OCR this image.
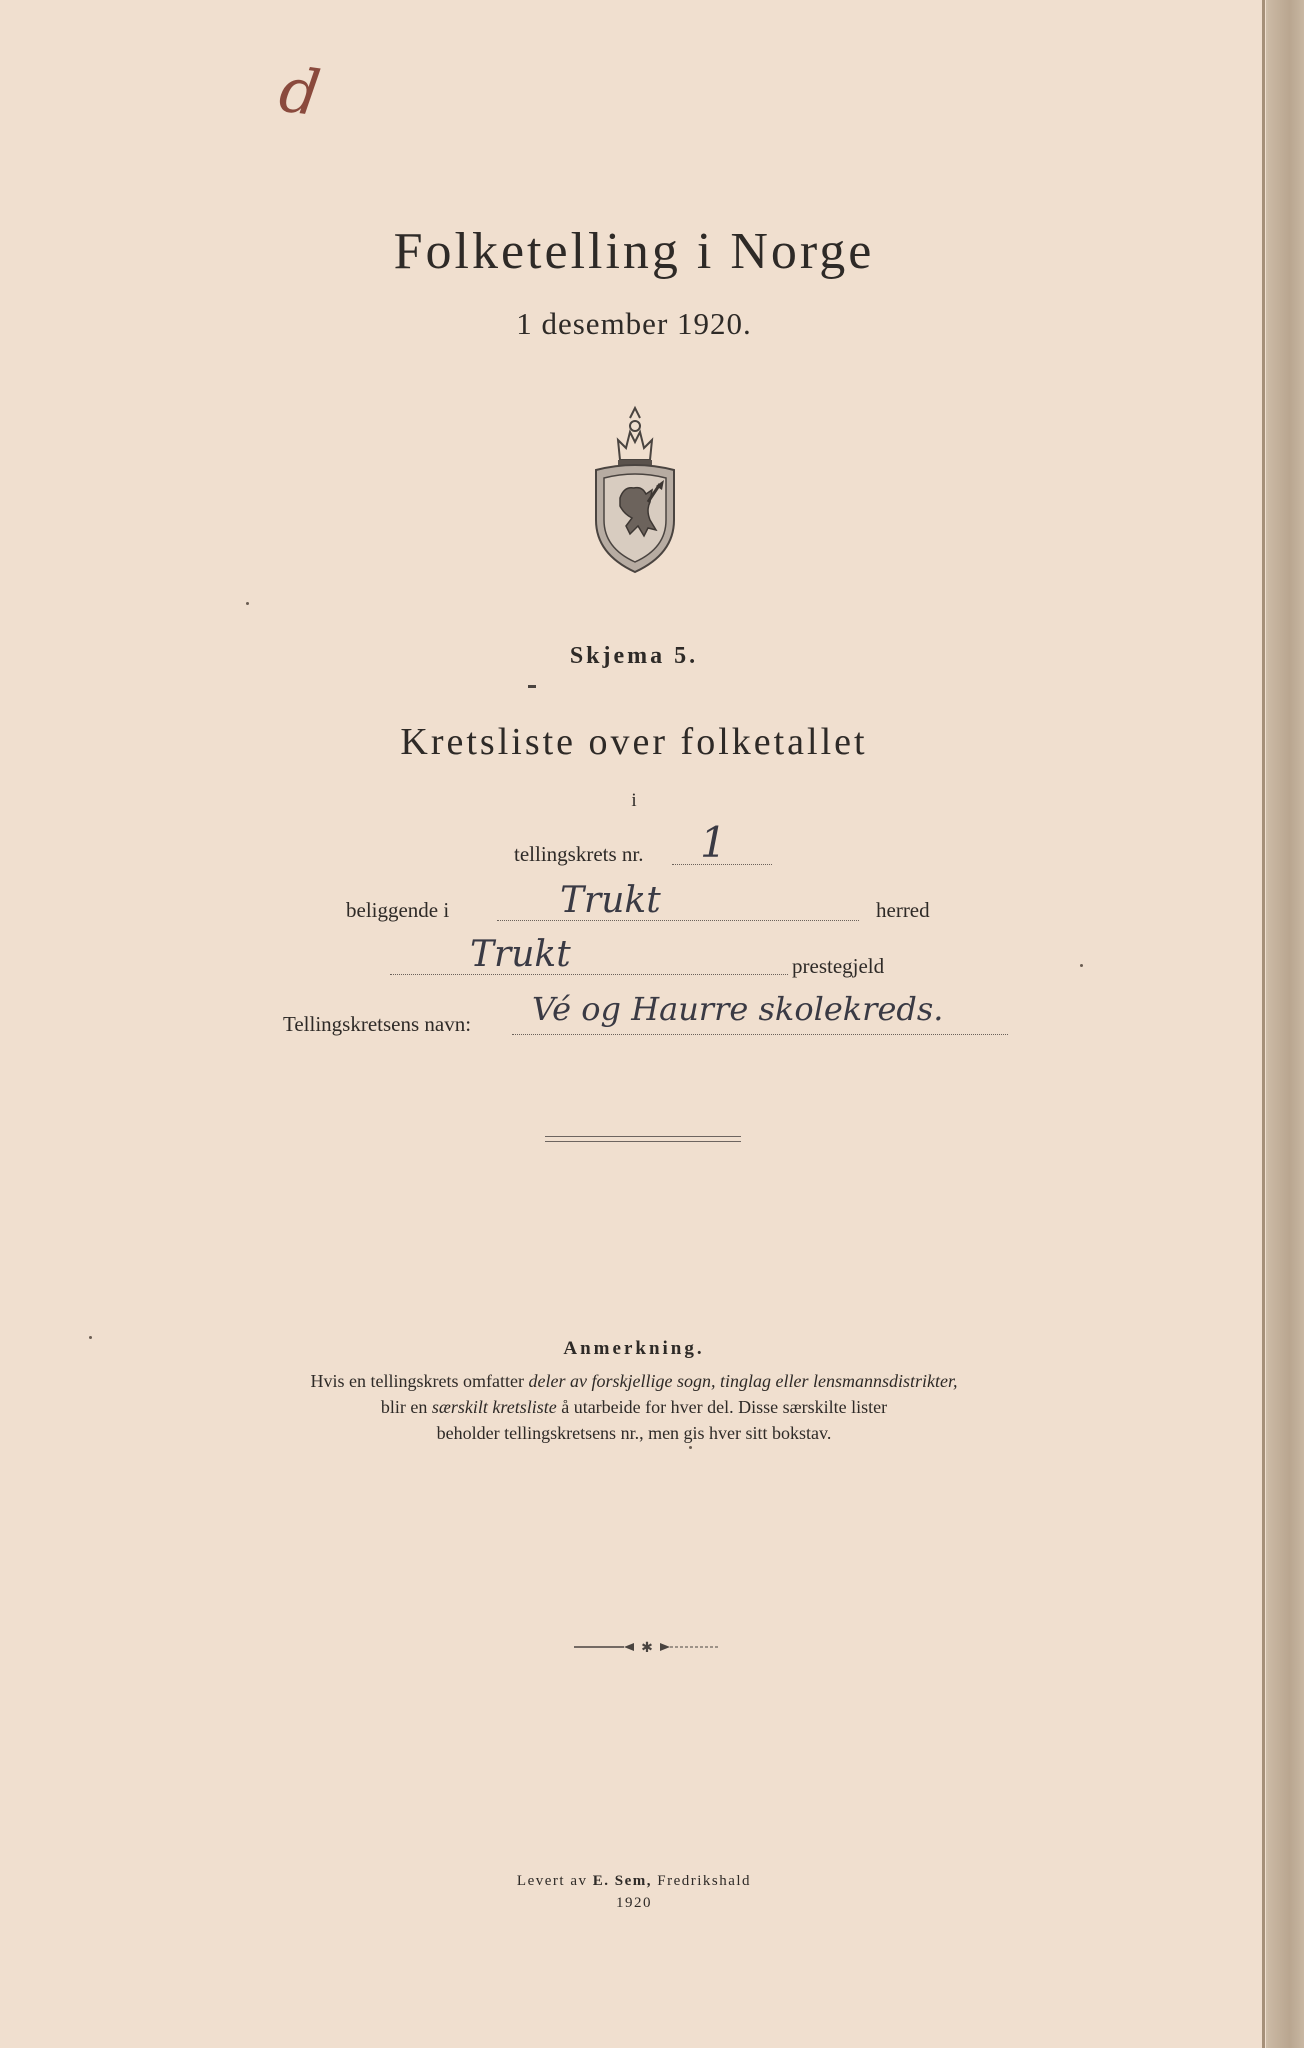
d
Folketelling i Norge
1 desember 1920.
Skjema 5.
Kretsliste over folketallet
i
tellingskrets nr. 1
beliggende i	Trukt	herred
Trukt	prestegjeld
Tellingskretsens navn: Vé og Haurre skolekreds.
Anmerkning.
Hvis en tellingskrets omfatter deler av forskjellige sogn, tinglag eller lensmannsdistrikter,
blir en særskilt kretsliste å utarbeide for hver del. Disse særskilte lister
beholder tellingskretsens nr., men gis hver sitt bokstav.
✱
Levert av E. Sem, Fredrikshald
1920
